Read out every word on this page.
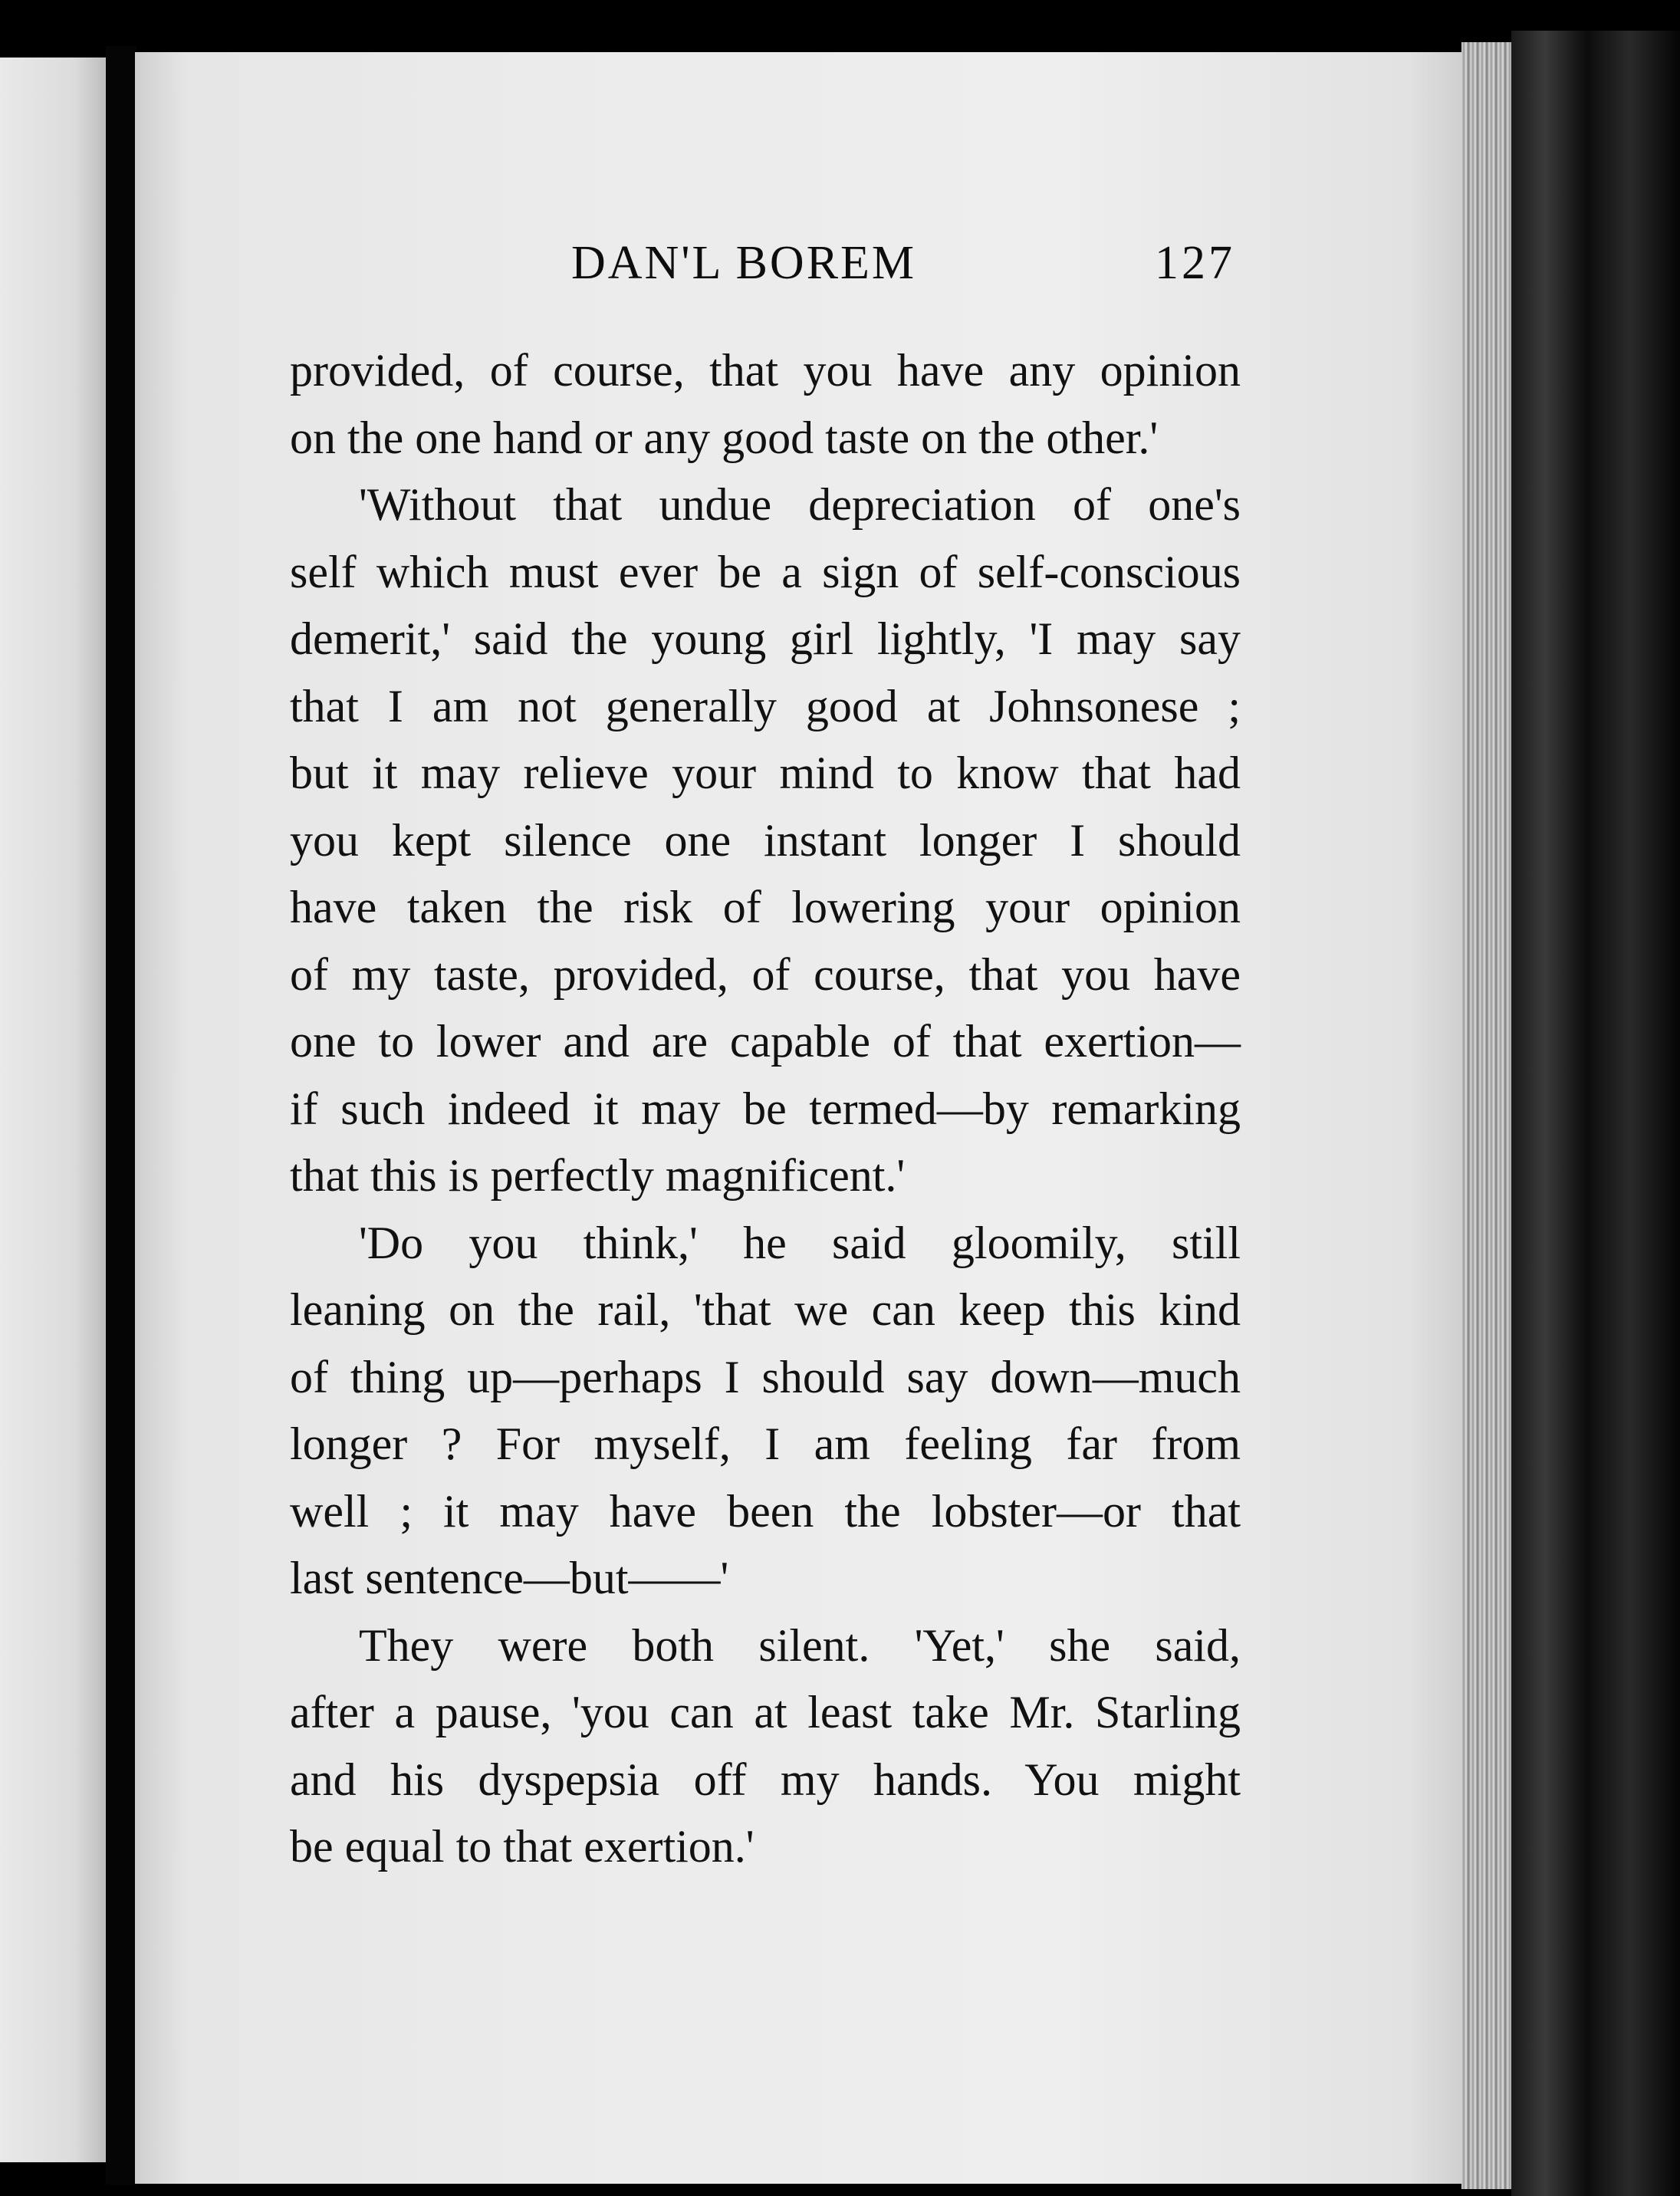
DAN'L BOREM	127
provided, of course, that you have any opinion
on the one hand or any good taste on the other.'
'Without that undue depreciation of one's
self which must ever be a sign of self-conscious
demerit,' said the young girl lightly, 'I may say
that I am not generally good at Johnsonese ;
but it may relieve your mind to know that had
you kept silence one instant longer I should
have taken the risk of lowering your opinion
of my taste, provided, of course, that you have
one to lower and are capable of that exertion—
if such indeed it may be termed—by remarking
that this is perfectly magnificent.'
'Do you think,' he said gloomily, still
leaning on the rail, 'that we can keep this kind
of thing up—perhaps I should say down—much
longer ? For myself, I am feeling far from
well ; it may have been the lobster—or that
last sentence—but——'
They were both silent. 'Yet,' she said,
after a pause, 'you can at least take Mr. Starling
and his dyspepsia off my hands. You might
be equal to that exertion.'
